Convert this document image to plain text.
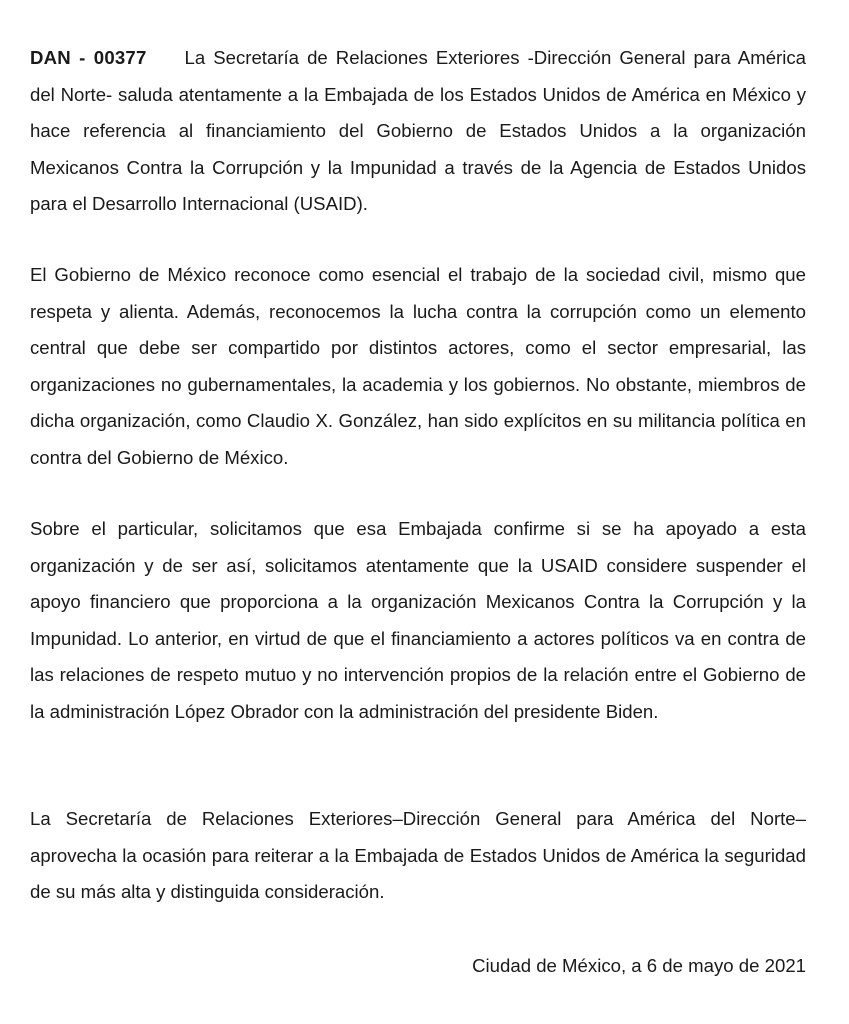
DAN - 00377 La Secretaría de Relaciones Exteriores -Dirección General para América del Norte- saluda atentamente a la Embajada de los Estados Unidos de América en México y hace referencia al financiamiento del Gobierno de Estados Unidos a la organización Mexicanos Contra la Corrupción y la Impunidad a través de la Agencia de Estados Unidos para el Desarrollo Internacional (USAID).

El Gobierno de México reconoce como esencial el trabajo de la sociedad civil, mismo que respeta y alienta. Además, reconocemos la lucha contra la corrupción como un elemento central que debe ser compartido por distintos actores, como el sector empresarial, las organizaciones no gubernamentales, la academia y los gobiernos. No obstante, miembros de dicha organización, como Claudio X. González, han sido explícitos en su militancia política en contra del Gobierno de México.

Sobre el particular, solicitamos que esa Embajada confirme si se ha apoyado a esta organización y de ser así, solicitamos atentamente que la USAID considere suspender el apoyo financiero que proporciona a la organización Mexicanos Contra la Corrupción y la Impunidad. Lo anterior, en virtud de que el financiamiento a actores políticos va en contra de las relaciones de respeto mutuo y no intervención propios de la relación entre el Gobierno de la administración López Obrador con la administración del presidente Biden.

La Secretaría de Relaciones Exteriores–Dirección General para América del Norte– aprovecha la ocasión para reiterar a la Embajada de Estados Unidos de América la seguridad de su más alta y distinguida consideración.

Ciudad de México, a 6 de mayo de 2021
